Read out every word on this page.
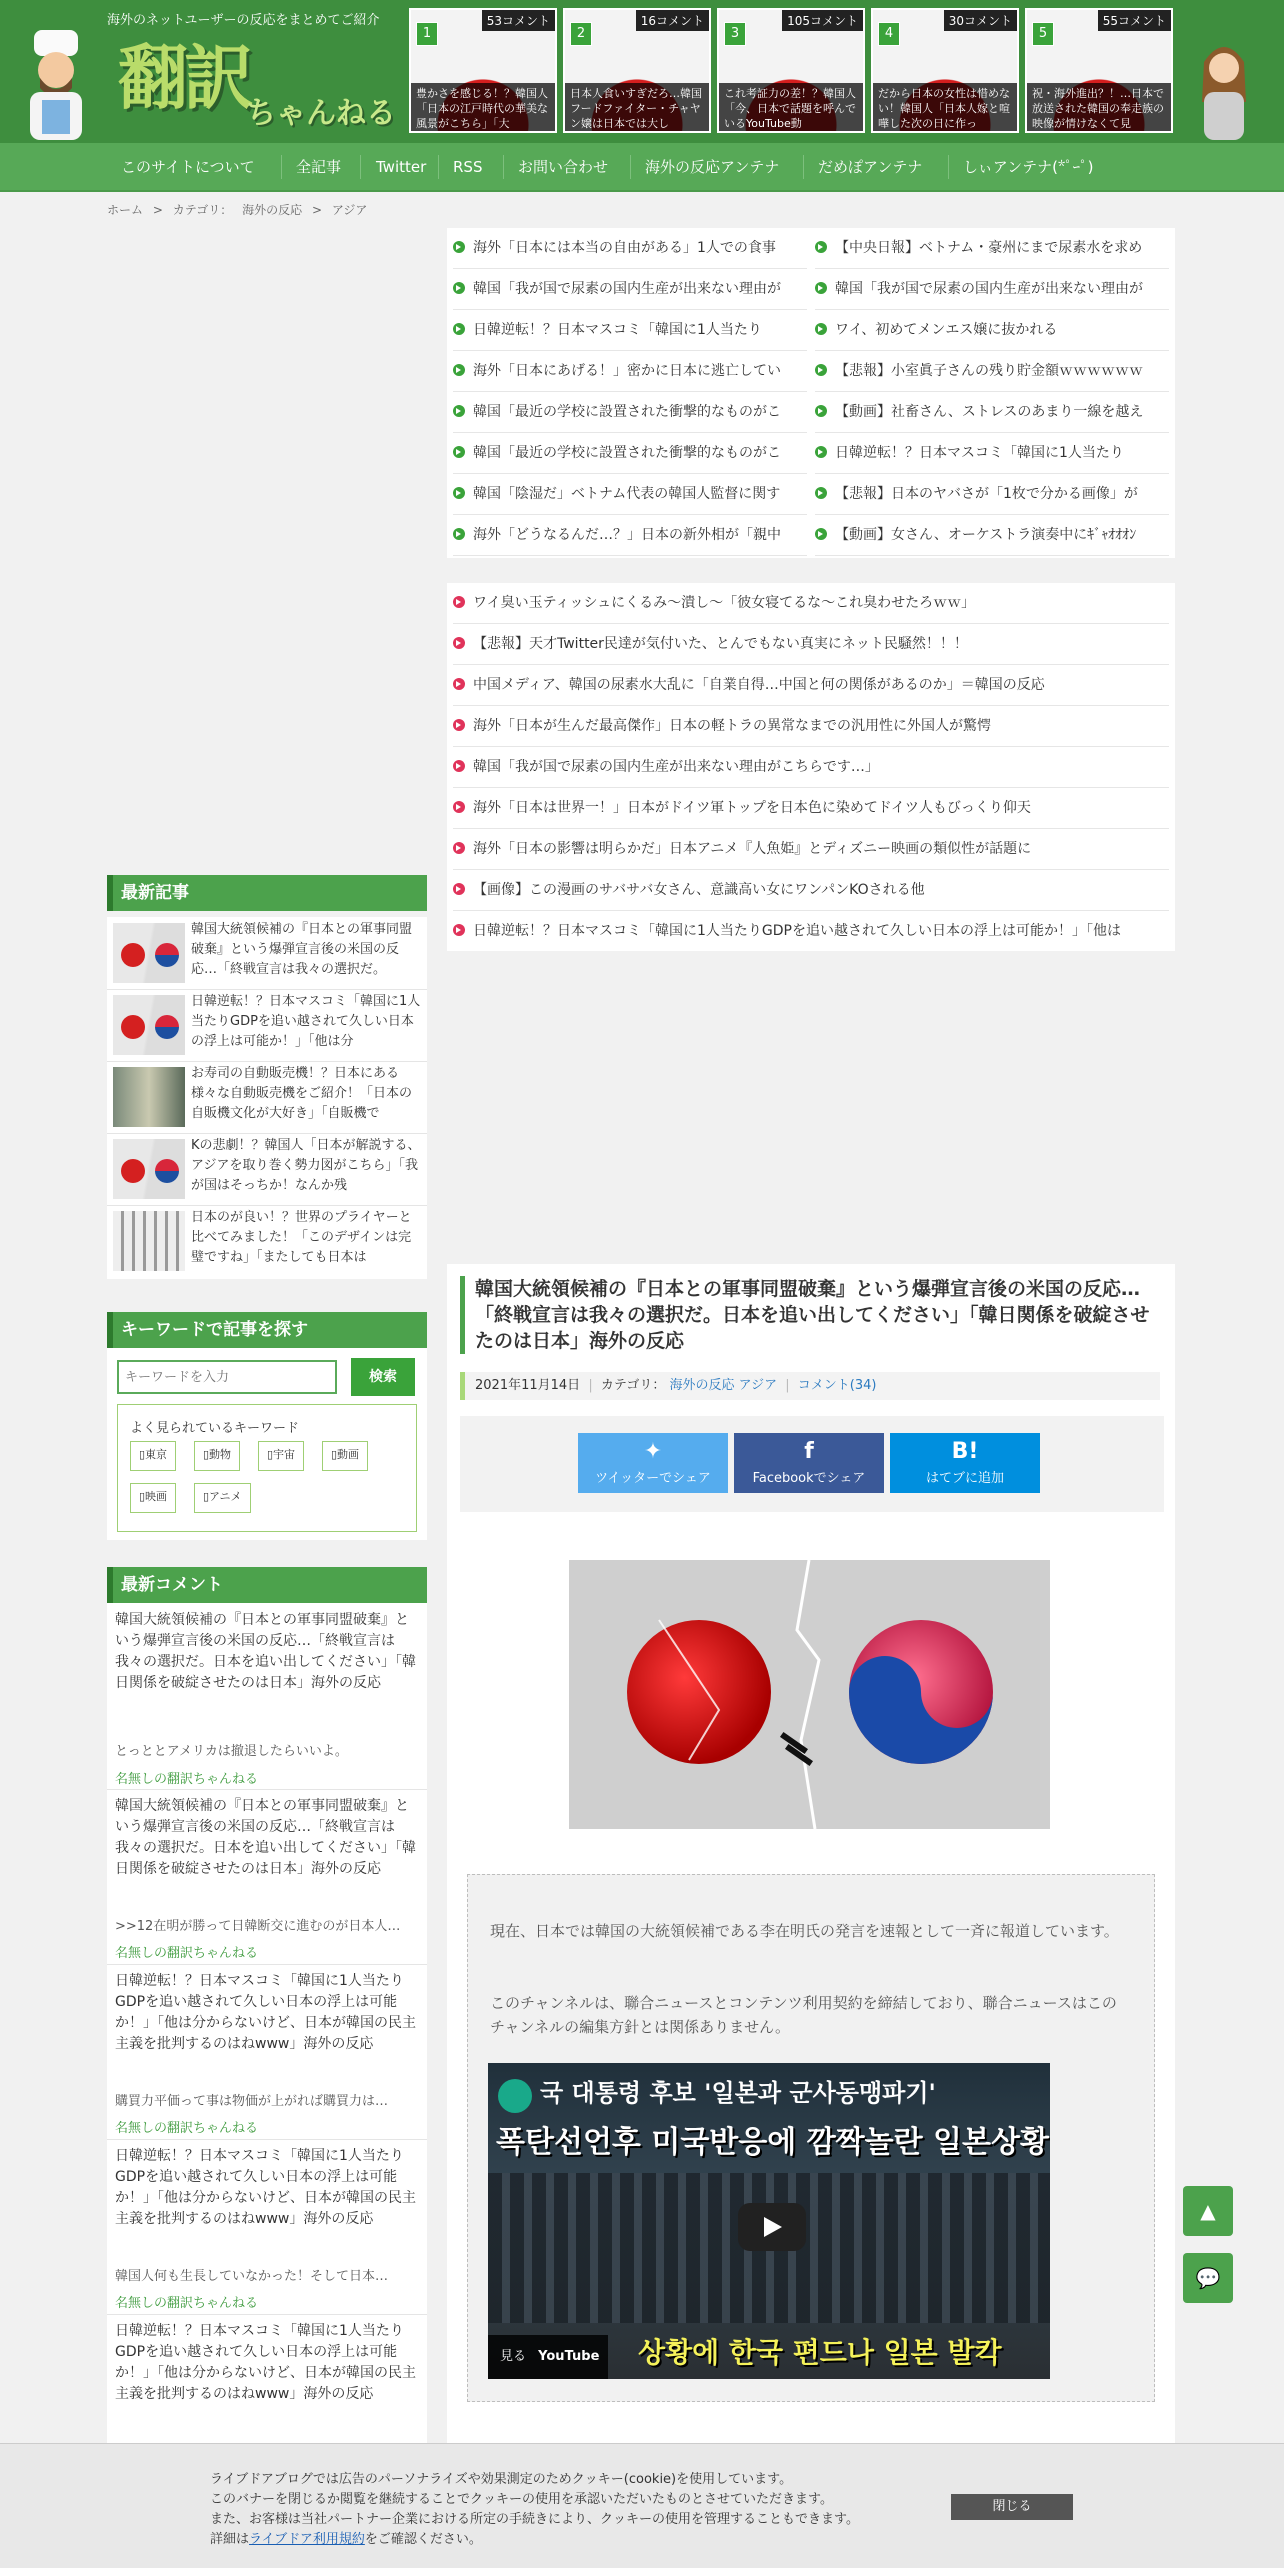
海外のネットユーザーの反応をまとめてご紹介
翻訳
ちゃんねる
1
53コメント
豊かさを感じる！？韓国人「日本の江戸時代の華美な風景がこちら」「大
2
16コメント
日本人食いすぎだろ…韓国フードファイター・チャヤン嬢は日本では大し
3
105コメント
これ考証力の差！？韓国人「今、日本で話題を呼んでいるYouTube動
4
30コメント
だから日本の女性は惜めない！韓国人「日本人嫁と喧嘩した次の日に作っ
5
55コメント
祝・海外進出？！…日本で放送された韓国の奉走族の映像が情けなくて見
このサイトについて	全記事 Twitter RSS お問い合わせ 海外の反応アンテナ	だめぽアンテナ	しぃアンテナ(*ﾟｰﾟ)
ホーム > カテゴリ： 海外の反応 > アジア
海外「日本には本当の自由がある」1人での食事	【中央日報】ベトナム・豪州にまで尿素水を求め
韓国「我が国で尿素の国内生産が出来ない理由が	韓国「我が国で尿素の国内生産が出来ない理由が
日韓逆転！？日本マスコミ「韓国に1人当たり	ワイ、初めてメンエス嬢に抜かれる
海外「日本にあげる！」密かに日本に逃亡してい	【悲報】小室眞子さんの残り貯金額ｗｗｗｗｗｗ
韓国「最近の学校に設置された衝撃的なものがこ	【動画】社畜さん、ストレスのあまり一線を越え
韓国「最近の学校に設置された衝撃的なものがこ	日韓逆転！？日本マスコミ「韓国に1人当たり
韓国「陰湿だ」ベトナム代表の韓国人監督に関す	【悲報】日本のヤバさが「1枚で分かる画像」が
海外「どうなるんだ…？」日本の新外相が「親中	【動画】女さん、オーケストラ演奏中にｷﾞｬｵｵｵﾝ
ワイ臭い玉ティッシュにくるみ～潰し～「彼女寝てるな～これ臭わせたろｗｗ」
【悲報】天才Twitter民達が気付いた、とんでもない真実にネット民騒然！！！
中国メディア、韓国の尿素水大乱に「自業自得…中国と何の関係があるのか」＝韓国の反応
海外「日本が生んだ最高傑作」日本の軽トラの異常なまでの汎用性に外国人が驚愕
韓国「我が国で尿素の国内生産が出来ない理由がこちらです…」
海外「日本は世界一！」日本がドイツ軍トップを日本色に染めてドイツ人もびっくり仰天
海外「日本の影響は明らかだ」日本アニメ『人魚姫』とディズニー映画の類似性が話題に
【画像】この漫画のサバサバ女さん、意識高い女にワンパンKOされる他
日韓逆転！？日本マスコミ「韓国に1人当たりGDPを追い越されて久しい日本の浮上は可能か！」「他は
最新記事
韓国大統領候補の『日本との軍事同盟破棄』という爆弾宣言後の米国の反応…「終戦宣言は我々の選択だ。
日韓逆転！？日本マスコミ「韓国に1人当たりGDPを追い越されて久しい日本の浮上は可能か！」「他は分
お寿司の自動販売機！？日本にある様々な自動販売機をご紹介！「日本の自販機文化が大好き」「自販機で
Kの悲劇！？韓国人「日本が解説する、アジアを取り巻く勢力図がこちら」「我が国はそっちか！なんか残
日本のが良い！？世界のプライヤーと比べてみました！「このデザインは完璧ですね」「またしても日本は
キーワードで記事を探す
キーワードを入力
検索
よく見られているキーワード
▯東京	▯動物	▯宇宙	▯動画
▯映画	▯アニメ
最新コメント
韓国大統領候補の『日本との軍事同盟破棄』という爆弾宣言後の米国の反応…「終戦宣言は我々の選択だ。日本を追い出してください」「韓日関係を破綻させたのは日本」海外の反応
とっととアメリカは撤退したらいいよ。
名無しの翻訳ちゃんねる
韓国大統領候補の『日本との軍事同盟破棄』という爆弾宣言後の米国の反応…「終戦宣言は我々の選択だ。日本を追い出してください」「韓日関係を破綻させたのは日本」海外の反応
>>12在明が勝って日韓断交に進むのが日本人…
名無しの翻訳ちゃんねる
日韓逆転！？日本マスコミ「韓国に1人当たりGDPを追い越されて久しい日本の浮上は可能か！」「他は分からないけど、日本が韓国の民主主義を批判するのはねwww」海外の反応
購買力平価って事は物価が上がれば購買力は…
名無しの翻訳ちゃんねる
日韓逆転！？日本マスコミ「韓国に1人当たりGDPを追い越されて久しい日本の浮上は可能か！」「他は分からないけど、日本が韓国の民主主義を批判するのはねwww」海外の反応
韓国人何も生長していなかった！そして日本…
名無しの翻訳ちゃんねる
日韓逆転！？日本マスコミ「韓国に1人当たりGDPを追い越されて久しい日本の浮上は可能か！」「他は分からないけど、日本が韓国の民主主義を批判するのはねwww」海外の反応
韓国大統領候補の『日本との軍事同盟破棄』という爆弾宣言後の米国の反応…「終戦宣言は我々の選択だ。日本を追い出してください」「韓日関係を破綻させたのは日本」海外の反応
2021年11月14日 | カテゴリ： 海外の反応 アジア | コメント(34)
✦
ツイッターでシェア
f
Facebookでシェア
B!
はてブに追加
現在、日本では韓国の大統領候補である李在明氏の発言を速報として一斉に報道しています。
このチャンネルは、聯合ニュースとコンテンツ利用契約を締結しており、聯合ニュースはこのチャンネルの編集方針とは関係ありません。
국 대통령 후보 '일본과 군사동맹파기'
폭탄선언후 미국반응에 깜짝놀란 일본상황
상황에 한국 편드나 일본 발칵
見る YouTube
▲
💬
ライブドアブログでは広告のパーソナライズや効果測定のためクッキー(cookie)を使用しています。
このバナーを閉じるか閲覧を継続することでクッキーの使用を承認いただいたものとさせていただきます。
また、お客様は当社パートナー企業における所定の手続きにより、クッキーの使用を管理することもできます。
詳細はライブドア利用規約をご確認ください。
閉じる
